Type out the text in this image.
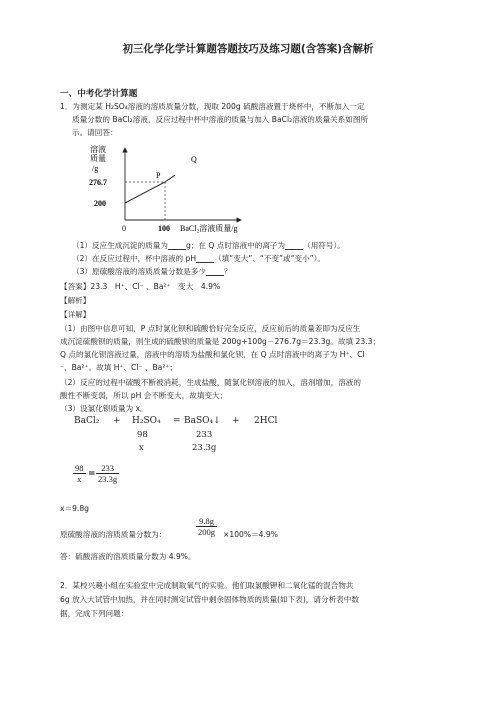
初三化学化学计算题答题技巧及练习题(含答案)含解析
一、中考化学计算题
1．为测定某 H₂SO₄溶液的溶质质量分数，现取 200g 硫酸溶液置于烧杯中，不断加入一定
质量分数的 BaCl₂溶液，反应过程中杯中溶液的质量与加入 BaCl₂溶液的质量关系如图所
示。请回答：
溶液
质量
/g
276.7
200
0	100 BaCl₂溶液质量/g
P
Q
（1）反应生成沉淀的质量为 g；在 Q 点时溶液中的离子为 （用符号）。
（2）在反应过程中，杯中溶液的 pH （填“变大”、“不变”或“变小”）。
（3）原硫酸溶液的溶质质量分数是多少 ？
【答案】23.3　H⁺、Cl⁻ 、Ba²⁺　变大　4.9%
【解析】
【详解】
（1）由图中信息可知，P 点时氯化钡和硫酸恰好完全反应，反应前后的质量差即为反应生
成沉淀硫酸钡的质量，则生成的硫酸钡的质量是 200g+100g－276.7g＝23.3g。故填 23.3；
Q 点的氯化钡溶液过量，溶液中的溶质为盐酸和氯化钡，在 Q 点时溶液中的离子为 H⁺、Cl
⁻、Ba²⁺。故填 H⁺、Cl⁻ 、Ba²⁺；
（2）反应的过程中硫酸不断被消耗，生成盐酸，随氯化钡溶液的加入，溶剂增加，溶液的
酸性不断变弱，所以 pH 会不断变大，故填变大；
（3）设氯化钡质量为 x。
BaCl₂ + H₂SO₄ = BaSO₄↓ + 2HCl
98	233
x	23.3g
$\frac{98}{x} = \frac{233}{23.3g}$
x＝9.8g
原硫酸溶液的溶质质量分数为：	$\frac{9.8g}{200g} \times 100\%=4.9\%$
答：硫酸溶液的溶质质量分数为 4.9%。
2．某校兴趣小组在实验室中完成制取氧气的实验。他们取氯酸钾和二氧化锰的混合物共
6g 放入大试管中加热，并在同时测定试管中剩余固体物质的质量(如下表)，请分析表中数
据，完成下列问题：
